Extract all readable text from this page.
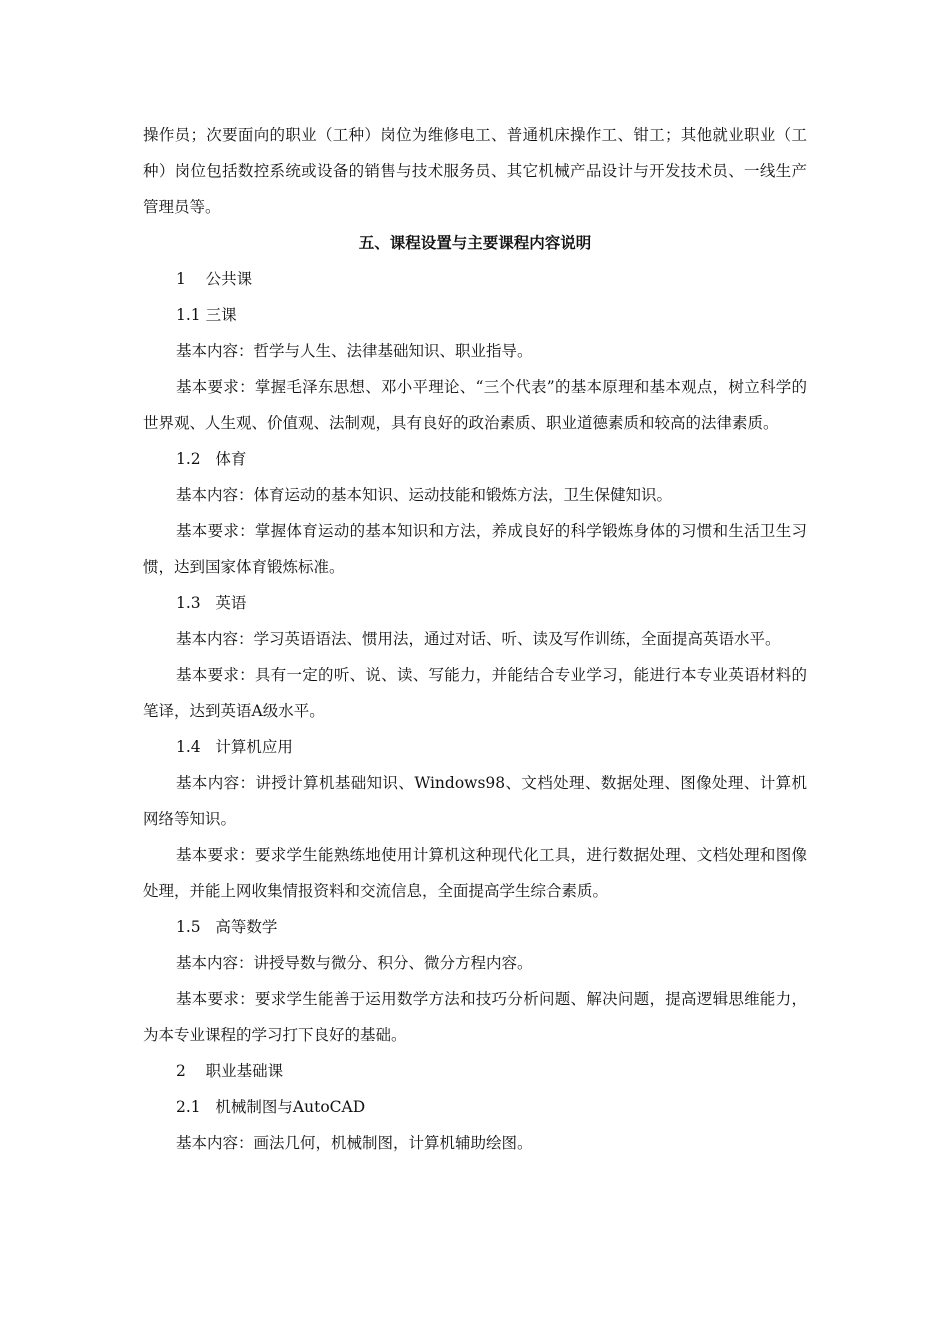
操作员；次要面向的职业（工种）岗位为维修电工、普通机床操作工、钳工；其他就业职业（工种）岗位包括数控系统或设备的销售与技术服务员、其它机械产品设计与开发技术员、一线生产管理员等。

五、课程设置与主要课程内容说明

1    公共课

1.1 三课

基本内容：哲学与人生、法律基础知识、职业指导。

基本要求：掌握毛泽东思想、邓小平理论、“三个代表”的基本原理和基本观点，树立科学的世界观、人生观、价值观、法制观，具有良好的政治素质、职业道德素质和较高的法律素质。

1.2   体育

基本内容：体育运动的基本知识、运动技能和锻炼方法，卫生保健知识。

基本要求：掌握体育运动的基本知识和方法，养成良好的科学锻炼身体的习惯和生活卫生习惯，达到国家体育锻炼标准。

1.3   英语

基本内容：学习英语语法、惯用法，通过对话、听、读及写作训练，全面提高英语水平。

基本要求：具有一定的听、说、读、写能力，并能结合专业学习，能进行本专业英语材料的笔译，达到英语A级水平。

1.4   计算机应用

基本内容：讲授计算机基础知识、Windows98、文档处理、数据处理、图像处理、计算机网络等知识。

基本要求：要求学生能熟练地使用计算机这种现代化工具，进行数据处理、文档处理和图像处理，并能上网收集情报资料和交流信息，全面提高学生综合素质。

1.5   高等数学

基本内容：讲授导数与微分、积分、微分方程内容。

基本要求：要求学生能善于运用数学方法和技巧分析问题、解决问题，提高逻辑思维能力，为本专业课程的学习打下良好的基础。

2    职业基础课

2.1   机械制图与AutoCAD

基本内容：画法几何，机械制图，计算机辅助绘图。
